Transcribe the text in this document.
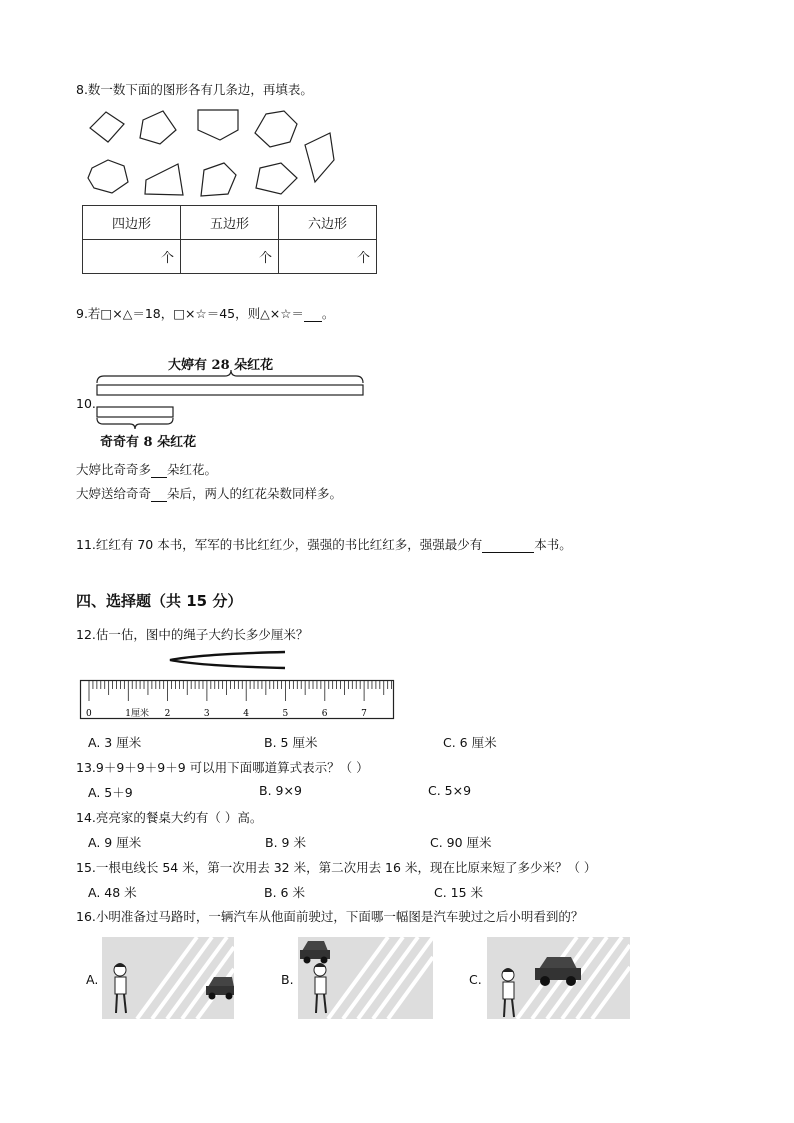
8.数一数下面的图形各有几条边，再填表。
四边形	五边形	六边形
个	个	个
9.若□×△＝18，□×☆＝45，则△×☆＝ 。
10.
大婷有 28 朵红花
奇奇有 8 朵红花
大婷比奇奇多 朵红花。
大婷送给奇奇 朵后，两人的红花朵数同样多。
11.红红有 70 本书，军军的书比红红少，强强的书比红红多，强强最少有	本书。
四、选择题（共 15 分）
12.估一估，图中的绳子大约长多少厘米？
0	1厘米 2	3	4	5	6	7
A. 3 厘米	B. 5 厘米	C. 6 厘米
13.9＋9＋9＋9＋9 可以用下面哪道算式表示？（ ）
A. 5＋9	B. 9×9	C. 5×9
14.亮亮家的餐桌大约有（ ）高。
A. 9 厘米	B. 9 米	C. 90 厘米
15.一根电线长 54 米，第一次用去 32 米，第二次用去 16 米，现在比原来短了多少米？（ ）
A. 48 米	B. 6 米	C. 15 米
16.小明准备过马路时，一辆汽车从他面前驶过，下面哪一幅图是汽车驶过之后小明看到的？
A.	B.	C.
